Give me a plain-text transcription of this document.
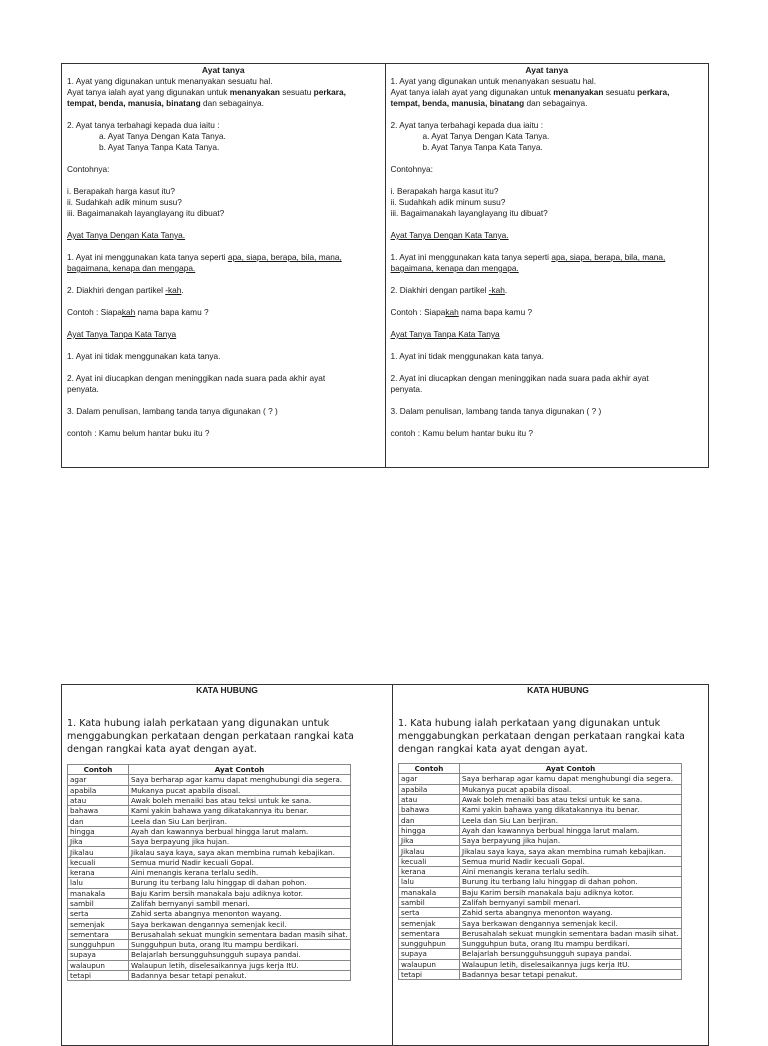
Ayat tanya
1. Ayat yang digunakan untuk menanyakan sesuatu hal.
Ayat tanya ialah ayat yang digunakan untuk menanyakan sesuatu perkara,
tempat, benda, manusia, binatang dan sebagainya.
2. Ayat tanya terbahagi kepada dua iaitu :
a. Ayat Tanya Dengan Kata Tanya.
b. Ayat Tanya Tanpa Kata Tanya.
Contohnya:
i. Berapakah harga kasut itu?
ii. Sudahkah adik minum susu?
iii. Bagaimanakah layanglayang itu dibuat?
Ayat Tanya Dengan Kata Tanya.
1. Ayat ini menggunakan kata tanya seperti apa, siapa, berapa, bila, mana,
bagaimana, kenapa dan mengapa.
2. Diakhiri dengan partikel -kah.
Contoh : Siapakah nama bapa kamu ?
Ayat Tanya Tanpa Kata Tanya
1. Ayat ini tidak menggunakan kata tanya.
2. Ayat ini diucapkan dengan meninggikan nada suara pada akhir ayat
penyata.
3. Dalam penulisan, lambang tanda tanya digunakan ( ? )
contoh : Kamu belum hantar buku itu ?
Ayat tanya
1. Ayat yang digunakan untuk menanyakan sesuatu hal.
Ayat tanya ialah ayat yang digunakan untuk menanyakan sesuatu perkara,
tempat, benda, manusia, binatang dan sebagainya.
2. Ayat tanya terbahagi kepada dua iaitu :
a. Ayat Tanya Dengan Kata Tanya.
b. Ayat Tanya Tanpa Kata Tanya.
Contohnya:
i. Berapakah harga kasut itu?
ii. Sudahkah adik minum susu?
iii. Bagaimanakah layanglayang itu dibuat?
Ayat Tanya Dengan Kata Tanya.
1. Ayat ini menggunakan kata tanya seperti apa, siapa, berapa, bila, mana,
bagaimana, kenapa dan mengapa.
2. Diakhiri dengan partikel -kah.
Contoh : Siapakah nama bapa kamu ?
Ayat Tanya Tanpa Kata Tanya
1. Ayat ini tidak menggunakan kata tanya.
2. Ayat ini diucapkan dengan meninggikan nada suara pada akhir ayat
penyata.
3. Dalam penulisan, lambang tanda tanya digunakan ( ? )
contoh : Kamu belum hantar buku itu ?
KATA HUBUNG
1. Kata hubung ialah perkataan yang digunakan untuk menggabungkan perkataan dengan perkataan rangkai kata dengan rangkai kata ayat dengan ayat.
Contoh	Ayat Contoh
agar	Saya berharap agar kamu dapat menghubungi dia segera.
apabila	Mukanya pucat apabila disoal.
atau	Awak boleh menaiki bas atau teksi untuk ke sana.
bahawa	Kami yakin bahawa yang dikatakannya itu benar.
dan	Leela dan Siu Lan berjiran.
hingga	Ayah dan kawannya berbual hingga larut malam.
Jika	Saya berpayung jika hujan.
Jikalau	Jikalau saya kaya, saya akan membina rumah kebajikan.
kecuali	Semua murid Nadir kecuali Gopal.
kerana	Aini menangis kerana terlalu sedih.
lalu	Burung itu terbang lalu hinggap di dahan pohon.
manakala	Baju Karim bersih manakala baju adiknya kotor.
sambil	Zalifah bernyanyi sambil menari.
serta	Zahid serta abangnya menonton wayang.
semenjak	Saya berkawan dengannya semenjak kecil.
sementara	Berusahalah sekuat mungkin sementara badan masih sihat.
sungguhpun	Sungguhpun buta, orang Itu mampu berdikari.
supaya	Belajarlah bersungguhsungguh supaya pandai.
walaupun	Walaupun letih, diselesaikannya jugs kerja ItU.
tetapi	Badannya besar tetapi penakut.
KATA HUBUNG
1. Kata hubung ialah perkataan yang digunakan untuk menggabungkan perkataan dengan perkataan rangkai kata dengan rangkai kata ayat dengan ayat.
Contoh	Ayat Contoh
agar	Saya berharap agar kamu dapat menghubungi dia segera.
apabila	Mukanya pucat apabila disoal.
atau	Awak boleh menaiki bas atau teksi untuk ke sana.
bahawa	Kami yakin bahawa yang dikatakannya itu benar.
dan	Leela dan Siu Lan berjiran.
hingga	Ayah dan kawannya berbual hingga larut malam.
Jika	Saya berpayung jika hujan.
Jikalau	Jikalau saya kaya, saya akan membina rumah kebajikan.
kecuali	Semua murid Nadir kecuali Gopal.
kerana	Aini menangis kerana terlalu sedih.
lalu	Burung itu terbang lalu hinggap di dahan pohon.
manakala	Baju Karim bersih manakala baju adiknya kotor.
sambil	Zalifah bernyanyi sambil menari.
serta	Zahid serta abangnya menonton wayang.
semenjak	Saya berkawan dengannya semenjak kecil.
sementara	Berusahalah sekuat mungkin sementara badan masih sihat.
sungguhpun	Sungguhpun buta, orang Itu mampu berdikari.
supaya	Belajarlah bersungguhsungguh supaya pandai.
walaupun	Walaupun letih, diselesaikannya jugs kerja ItU.
tetapi	Badannya besar tetapi penakut.
